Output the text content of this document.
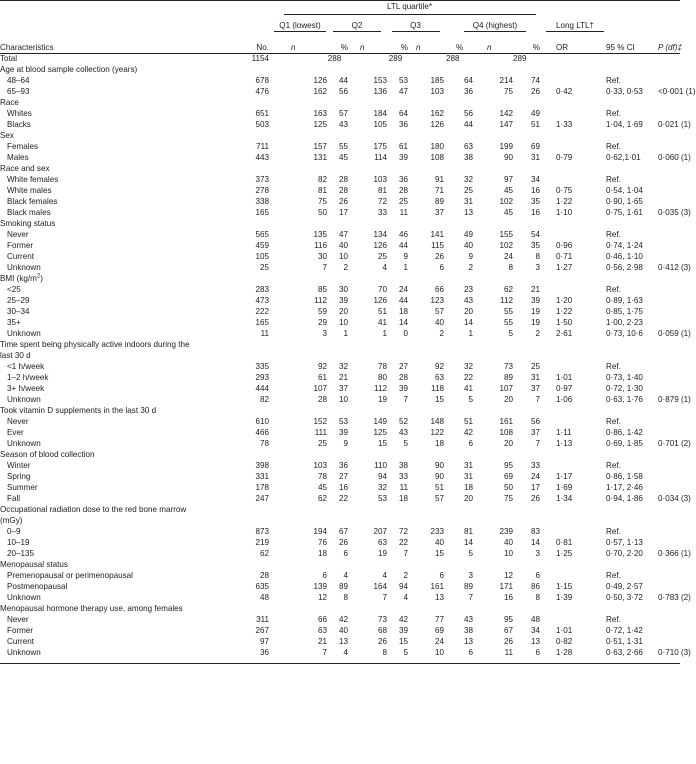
		LTL quartile*													
		Q1 (lowest)		Q2		Q3		Q4 (highest)			Long LTL†				
Characteristics	No.		n	%	n	%	n	%	n	%		OR		95 % CI	P (df)‡
Total	1154			288		289		288		289					
Age at blood sample collection (years)															
48–64	678		126	44	153	53	185	64	214	74				Ref.	
65–93	476		162	56	136	47	103	36	75	26		0·42		0·33, 0·53	<0·001 (1)
Race															
Whites	651		163	57	184	64	162	56	142	49				Ref.	
Blacks	503		125	43	105	36	126	44	147	51		1·33		1·04, 1·69	0·021 (1)
Sex															
Females	711		157	55	175	61	180	63	199	69				Ref.	
Males	443		131	45	114	39	108	38	90	31		0·79		0·62,1·01	0·060 (1)
Race and sex															
White females	373		82	28	103	36	91	32	97	34				Ref.	
White males	278		81	28	81	28	71	25	45	16		0·75		0·54, 1·04	
Black females	338		75	26	72	25	89	31	102	35		1·22		0·90, 1·65	
Black males	165		50	17	33	11	37	13	45	16		1·10		0·75, 1·61	0·035 (3)
Smoking status															
Never	565		135	47	134	46	141	49	155	54				Ref.	
Former	459		116	40	126	44	115	40	102	35		0·96		0·74, 1·24	
Current	105		30	10	25	9	26	9	24	8		0·71		0·46, 1·10	
Unknown	25		7	2	4	1	6	2	8	3		1·27		0·56, 2·98	0·412 (3)
BMI $(kg/m^2)$															
<25	283		85	30	70	24	66	23	62	21				Ref.	
25–29	473		112	39	126	44	123	43	112	39		1·20		0·89, 1·63	
30–34	222		59	20	51	18	57	20	55	19		1·22		0·85, 1·75	
35+	165		29	10	41	14	40	14	55	19		1·50		1·00, 2·23	
Unknown	11		3	1	1	0	2	1	5	2		2·61		0·73, 10·6	0·059 (1)
Time spent being physically active indoors during the															
last 30 d															
<1 h/week	335		92	32	78	27	92	32	73	25				Ref.	
1–2 h/week	293		61	21	80	28	63	22	89	31		1·01		0·73, 1·40	
3+ h/week	444		107	37	112	39	118	41	107	37		0·97		0·72, 1·30	
Unknown	82		28	10	19	7	15	5	20	7		1·06		0·63, 1·76	0·879 (1)
Took vitamin D supplements in the last 30 d															
Never	610		152	53	149	52	148	51	161	56				Ref.	
Ever	466		111	39	125	43	122	42	108	37		1·11		0·86, 1·42	
Unknown	78		25	9	15	5	18	6	20	7		1·13		0·69, 1·85	0·701 (2)
Season of blood collection															
Winter	398		103	36	110	38	90	31	95	33				Ref.	
Spring	331		78	27	94	33	90	31	69	24		1·17		0·86, 1·58	
Summer	178		45	16	32	11	51	18	50	17		1·69		1·17, 2·46	
Fall	247		62	22	53	18	57	20	75	26		1·34		0·94, 1·86	0·034 (3)
Occupational radiation dose to the red bone marrow															
(mGy)															
0–9	873		194	67	207	72	233	81	239	83				Ref.	
10–19	219		76	26	63	22	40	14	40	14		0·81		0·57, 1·13	
20–135	62		18	6	19	7	15	5	10	3		1·25		0·70, 2·20	0·366 (1)
Menopausal status															
Premenopausal or perimenopausal	28		6	4	4	2	6	3	12	6				Ref.	
Postmenopausal	635		139	89	164	94	161	89	171	86		1·15		0·49, 2·57	
Unknown	48		12	8	7	4	13	7	16	8		1·39		0·50, 3·72	0·783 (2)
Menopausal hormone therapy use, among females															
Never	311		66	42	73	42	77	43	95	48				Ref.	
Former	267		63	40	68	39	69	38	67	34		1·01		0·72, 1·42	
Current	97		21	13	26	15	24	13	26	13		0·82		0·51, 1·31	
Unknown	36		7	4	8	5	10	6	11	6		1·28		0·63, 2·66	0·710 (3)
